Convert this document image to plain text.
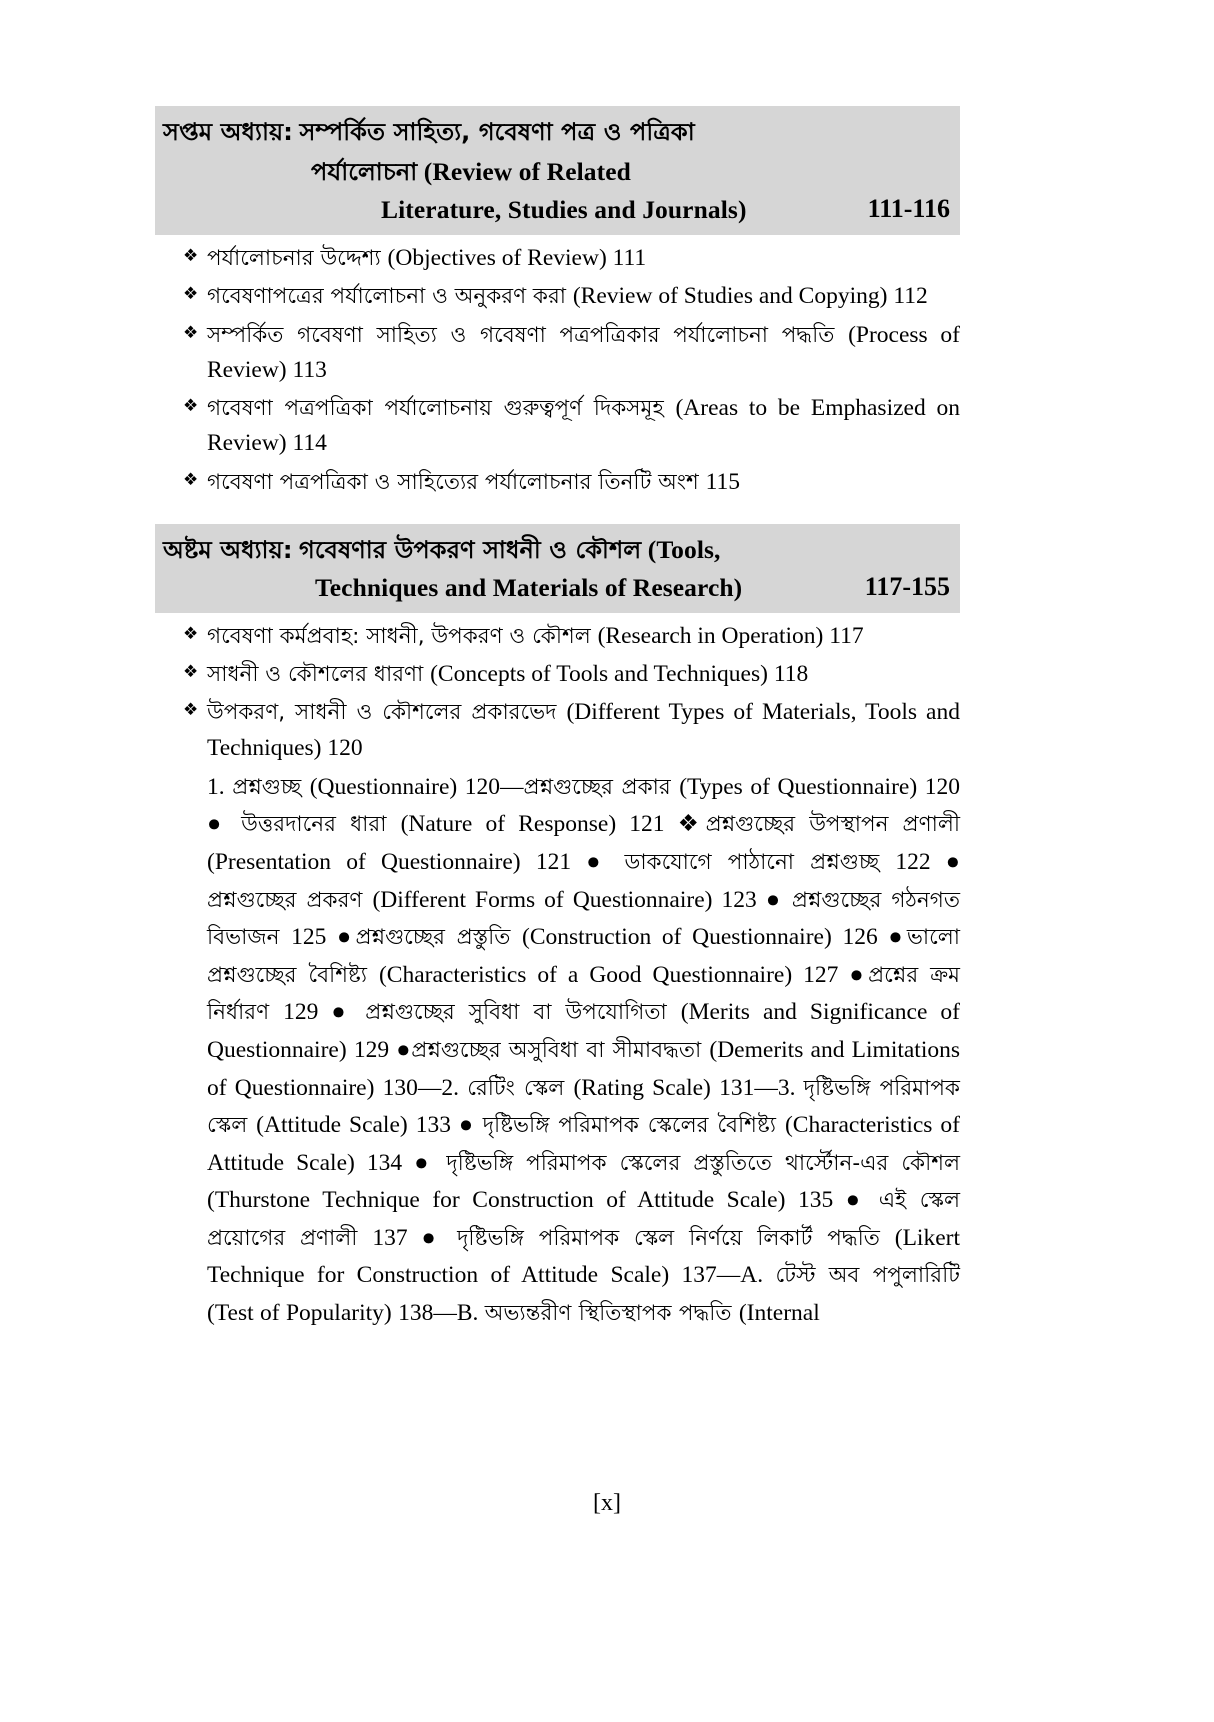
সপ্তম অধ্যায়: সম্পর্কিত সাহিত্য, গবেষণা পত্র ও পত্রিকা
পর্যালোচনা (Review of Related
Literature, Studies and Journals)	111-116
❖ পর্যালোচনার উদ্দেশ্য (Objectives of Review) 111
❖ গবেষণাপত্রের পর্যালোচনা ও অনুকরণ করা (Review of Studies and Copying) 112
❖ সম্পর্কিত গবেষণা সাহিত্য ও গবেষণা পত্রপত্রিকার পর্যালোচনা পদ্ধতি (Process of Review) 113
❖ গবেষণা পত্রপত্রিকা পর্যালোচনায় গুরুত্বপূর্ণ দিকসমূহ (Areas to be Emphasized on Review) 114
❖ গবেষণা পত্রপত্রিকা ও সাহিত্যের পর্যালোচনার তিনটি অংশ 115
অষ্টম অধ্যায়: গবেষণার উপকরণ সাধনী ও কৌশল (Tools,
Techniques and Materials of Research)	117-155
❖ গবেষণা কর্মপ্রবাহ: সাধনী, উপকরণ ও কৌশল (Research in Operation) 117
❖ সাধনী ও কৌশলের ধারণা (Concepts of Tools and Techniques) 118
❖ উপকরণ, সাধনী ও কৌশলের প্রকারভেদ (Different Types of Materials, Tools and Techniques) 120
1. প্রশ্নগুচ্ছ (Questionnaire) 120—প্রশ্নগুচ্ছের প্রকার (Types of Questionnaire) 120 ● উত্তরদানের ধারা (Nature of Response) 121 ❖প্রশ্নগুচ্ছের উপস্থাপন প্রণালী (Presentation of Questionnaire) 121 ● ডাকযোগে পাঠানো প্রশ্নগুচ্ছ 122 ● প্রশ্নগুচ্ছের প্রকরণ (Different Forms of Questionnaire) 123 ● প্রশ্নগুচ্ছের গঠনগত বিভাজন 125 ●প্রশ্নগুচ্ছের প্রস্তুতি (Construction of Questionnaire) 126 ●ভালো প্রশ্নগুচ্ছের বৈশিষ্ট্য (Characteristics of a Good Questionnaire) 127 ●প্রশ্নের ক্রম নির্ধারণ 129 ● প্রশ্নগুচ্ছের সুবিধা বা উপযোগিতা (Merits and Significance of Questionnaire) 129 ●প্রশ্নগুচ্ছের অসুবিধা বা সীমাবদ্ধতা (Demerits and Limitations of Questionnaire) 130—2. রেটিং স্কেল (Rating Scale) 131—3. দৃষ্টিভঙ্গি পরিমাপক স্কেল (Attitude Scale) 133 ● দৃষ্টিভঙ্গি পরিমাপক স্কেলের বৈশিষ্ট্য (Characteristics of Attitude Scale) 134 ● দৃষ্টিভঙ্গি পরিমাপক স্কেলের প্রস্তুতিতে থার্স্টোন-এর কৌশল (Thurstone Technique for Construction of Attitude Scale) 135 ● এই স্কেল প্রয়োগের প্রণালী 137 ● দৃষ্টিভঙ্গি পরিমাপক স্কেল নির্ণয়ে লিকার্ট পদ্ধতি (Likert Technique for Construction of Attitude Scale) 137—A. টেস্ট অব পপুলারিটি (Test of Popularity) 138—B. অভ্যন্তরীণ স্থিতিস্থাপক পদ্ধতি (Internal
[x]
